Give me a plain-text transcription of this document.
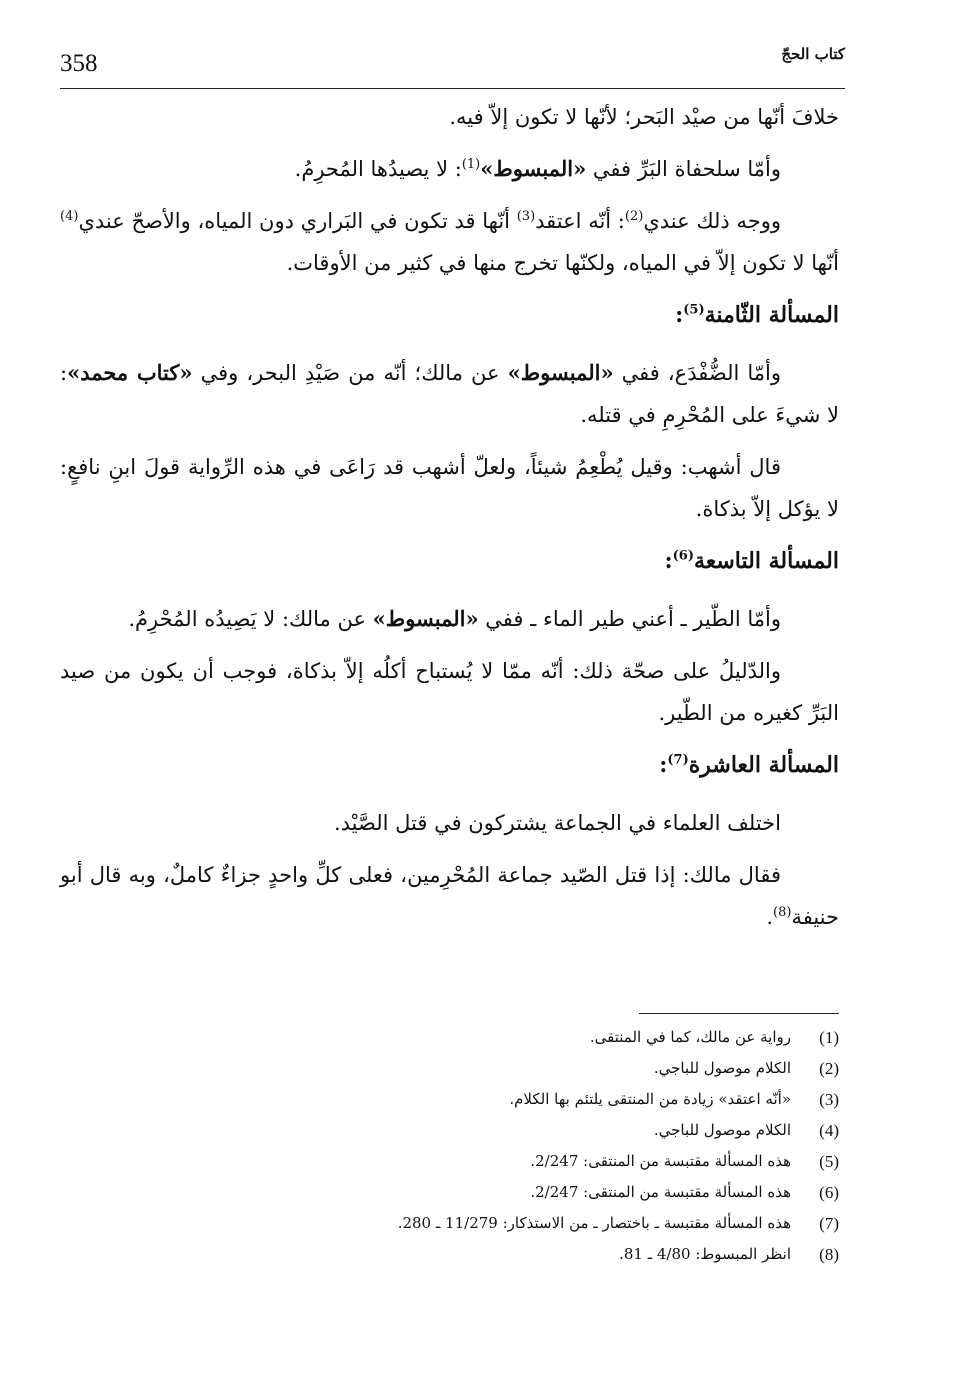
358	كتاب الحجّ

خلافَ أنّها من صيْد البَحر؛ لأنّها لا تكون إلاّ فيه.

وأمّا سلحفاة البَرِّ ففي «المبسوط»$^{(1)}$: لا يصيدُها المُحرِمُ.

ووجه ذلك عندي$^{(2)}$: أنّه اعتقد$^{(3)}$ أنّها قد تكون في البَراري دون المياه، والأصحّ عندي$^{(4)}$ أنّها لا تكون إلاّ في المياه، ولكنّها تخرج منها في كثير من الأوقات.

المسألة الثّامنة$^{(5)}$:

وأمّا الضُّفْدَع، ففي «المبسوط» عن مالك؛ أنّه من صَيْدِ البحر، وفي «كتاب محمد»: لا شيءَ على المُحْرِمِ في قتله.

قال أشهب: وقيل يُطْعِمُ شيئاً، ولعلّ أشهب قد رَاعَى في هذه الرِّواية قولَ ابنِ نافعٍ: لا يؤكل إلاّ بذكاة.

المسألة التاسعة$^{(6)}$:

وأمّا الطّير ـ أعني طير الماء ـ ففي «المبسوط» عن مالك: لا يَصِيدُه المُحْرِمُ.

والدّليلُ على صحّة ذلك: أنّه ممّا لا يُستباح أكلُه إلاّ بذكاة، فوجب أن يكون من صيد البَرِّ كغيره من الطّير.

المسألة العاشرة$^{(7)}$:

اختلف العلماء في الجماعة يشتركون في قتل الصَّيْد.

فقال مالك: إذا قتل الصّيد جماعة المُحْرِمين، فعلى كلِّ واحدٍ جزاءٌ كاملٌ، وبه قال أبو حنيفة$^{(8)}$.

(1)
رواية عن مالك، كما في المنتقى.
(2)
الكلام موصول للباجي.
(3)
«أنّه اعتقد» زيادة من المنتقى يلتئم بها الكلام.
(4)
الكلام موصول للباجي.
(5)
هذه المسألة مقتبسة من المنتقى: 2/247.
(6)
هذه المسألة مقتبسة من المنتقى: 2/247.
(7)
هذه المسألة مقتبسة ـ باختصار ـ من الاستذكار: 11/279 ـ 280.
(8)
انظر المبسوط: 4/80 ـ 81.
